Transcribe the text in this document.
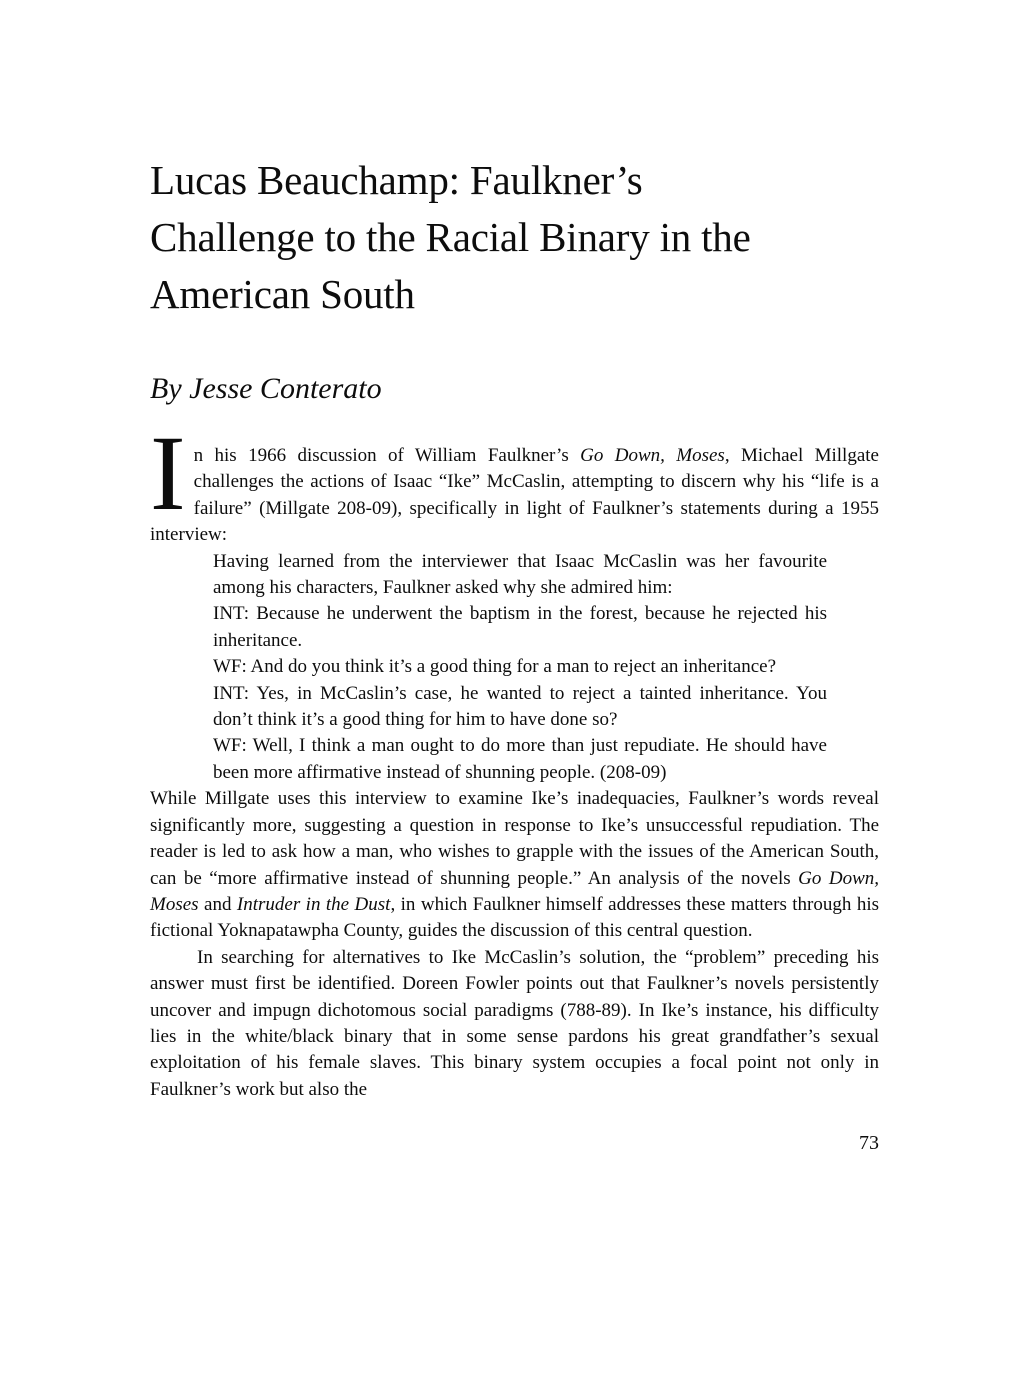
Lucas Beauchamp: Faulkner’s
Challenge to the Racial Binary in the
American South
By Jesse Conterato

In his 1966 discussion of William Faulkner’s Go Down, Moses, Michael Millgate challenges the actions of Isaac “Ike” McCaslin, attempting to discern why his “life is a failure” (Millgate 208-09), specifically in light of Faulkner’s statements during a 1955 interview:

Having learned from the interviewer that Isaac McCaslin was her favourite among his characters, Faulkner asked why she admired him:

INT: Because he underwent the baptism in the forest, because he rejected his inheritance.

WF: And do you think it’s a good thing for a man to reject an inheritance?

INT: Yes, in McCaslin’s case, he wanted to reject a tainted inheritance. You don’t think it’s a good thing for him to have done so?

WF: Well, I think a man ought to do more than just repudiate. He should have been more affirmative instead of shunning people. (208-09)

While Millgate uses this interview to examine Ike’s inadequacies, Faulkner’s words reveal significantly more, suggesting a question in response to Ike’s unsuccessful repudiation. The reader is led to ask how a man, who wishes to grapple with the issues of the American South, can be “more affirmative instead of shunning people.” An analysis of the novels Go Down, Moses and Intruder in the Dust, in which Faulkner himself addresses these matters through his fictional Yoknapatawpha County, guides the discussion of this central question.

In searching for alternatives to Ike McCaslin’s solution, the “problem” preceding his answer must first be identified. Doreen Fowler points out that Faulkner’s novels persistently uncover and impugn dichotomous social paradigms (788-89). In Ike’s instance, his difficulty lies in the white/black binary that in some sense pardons his great grandfather’s sexual exploitation of his female slaves. This binary system occupies a focal point not only in Faulkner’s work but also the

73
